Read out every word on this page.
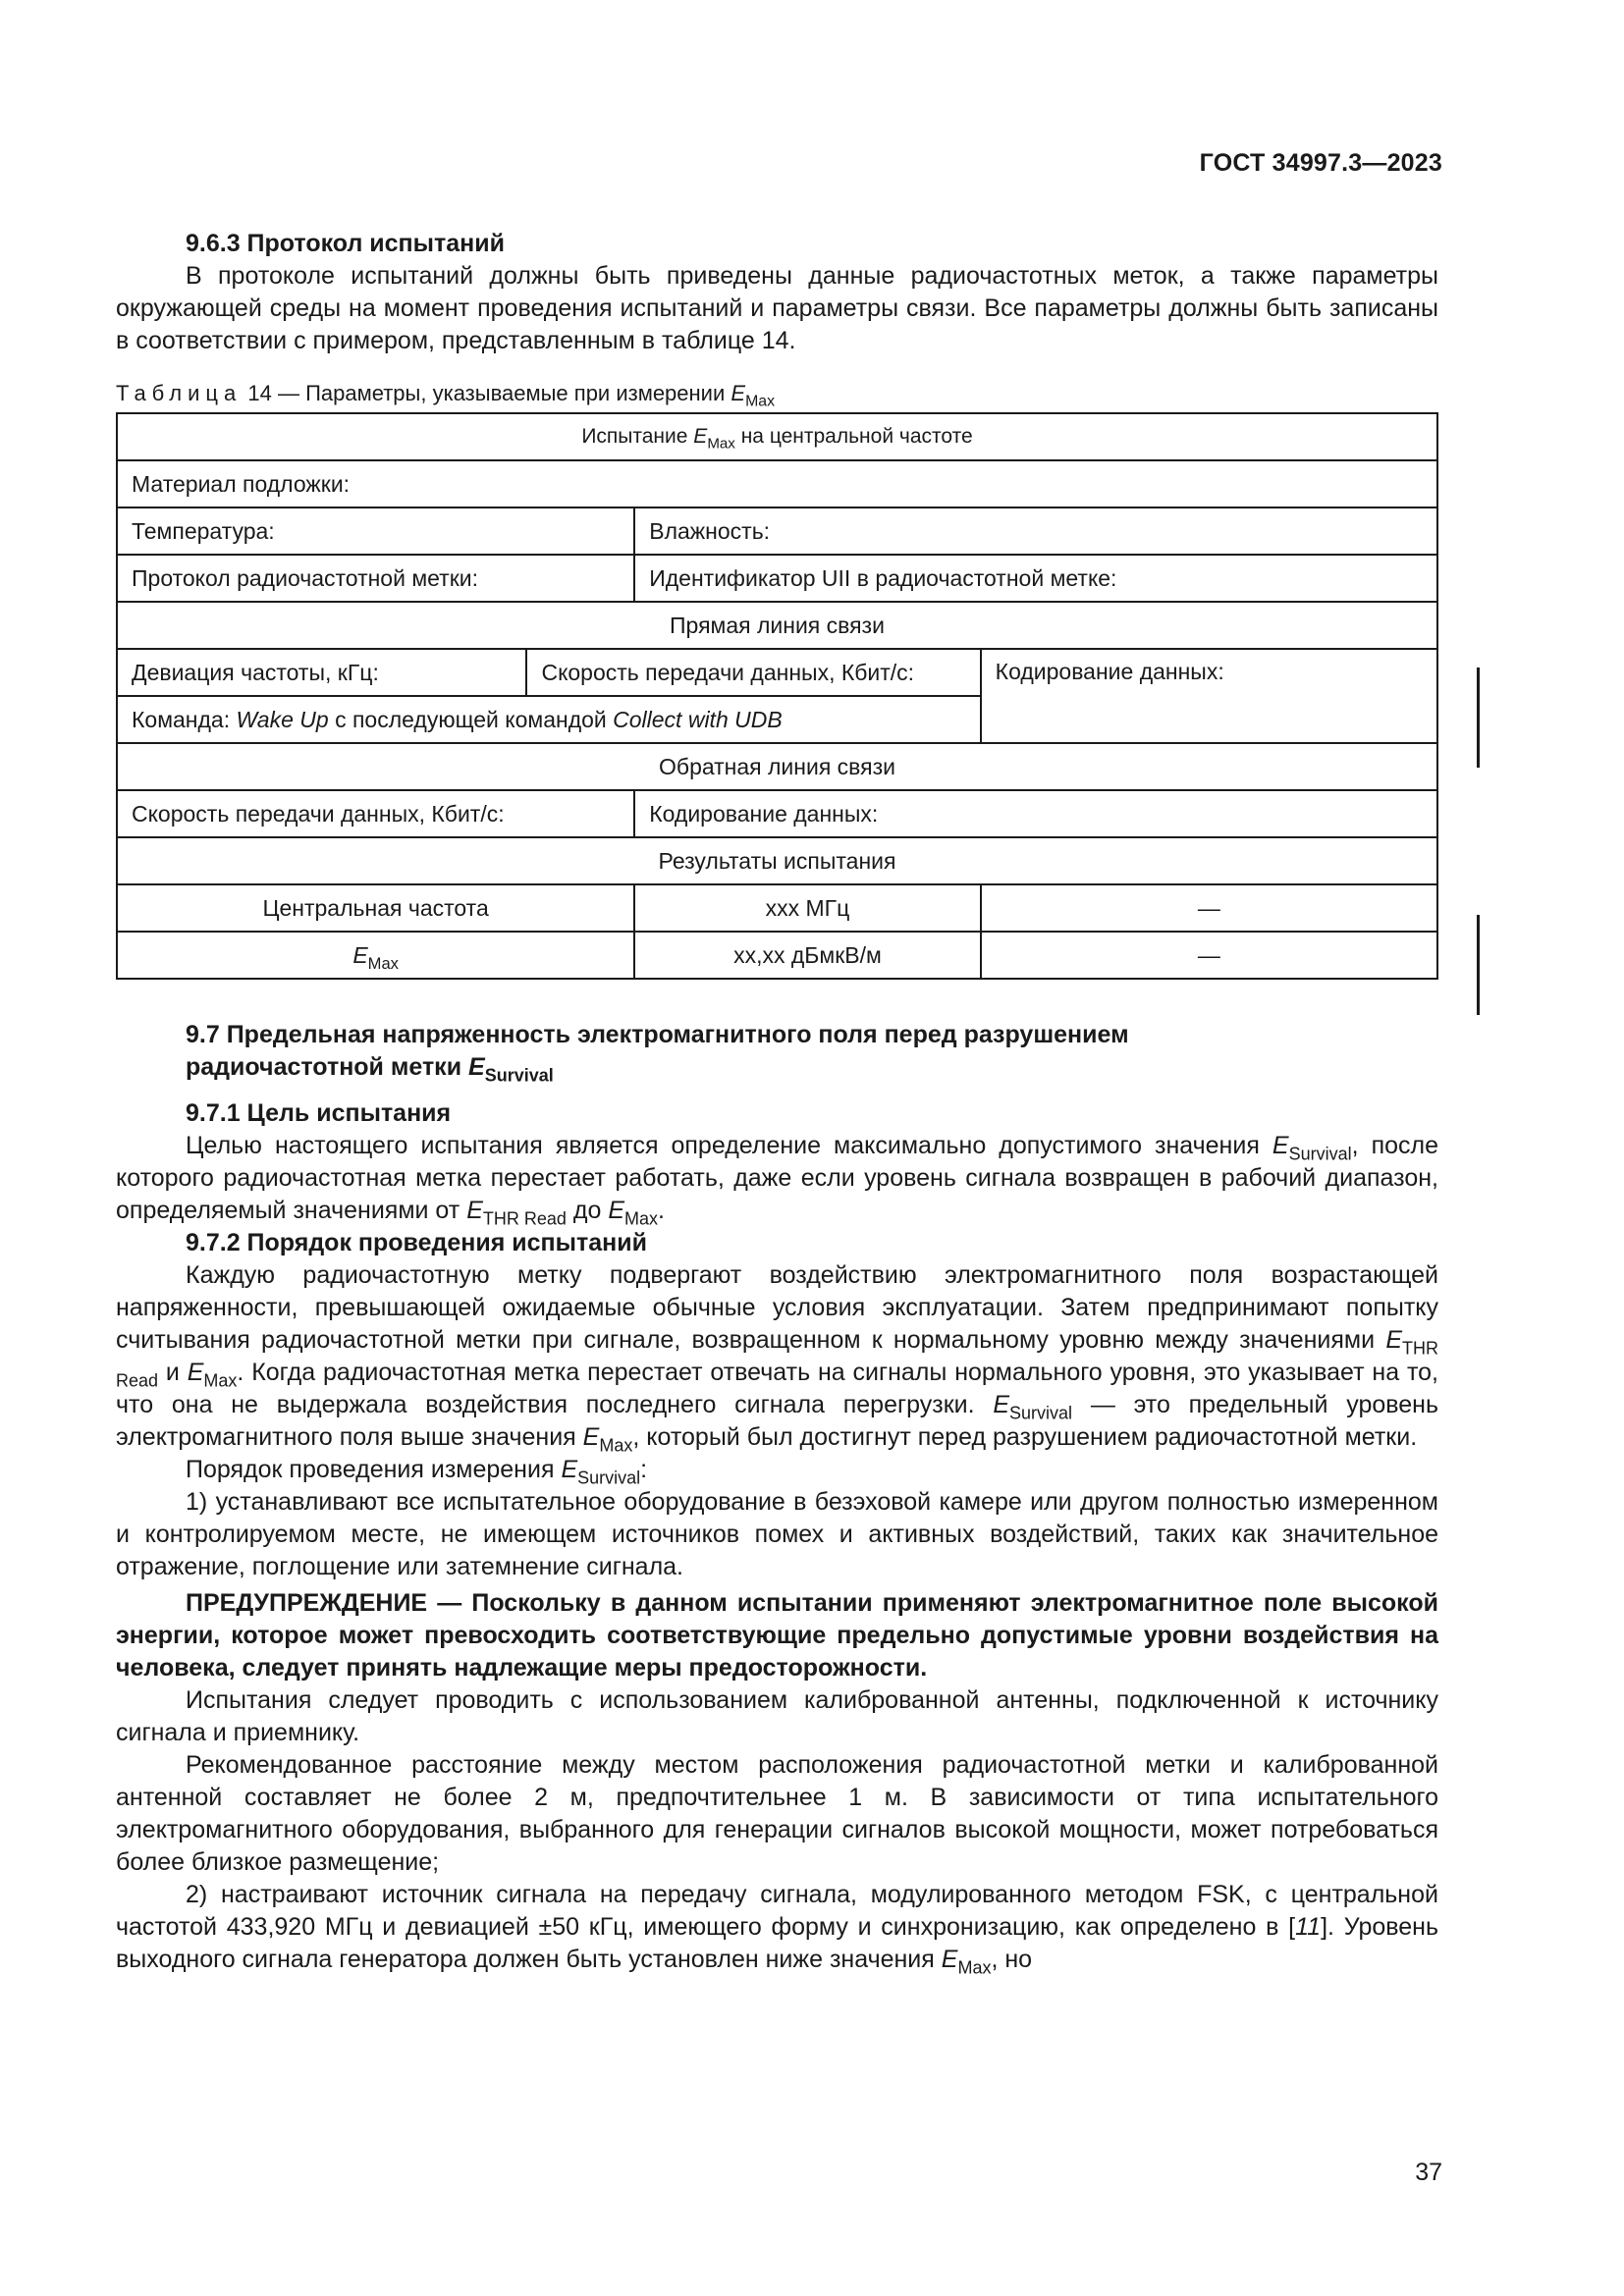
ГОСТ 34997.3—2023

9.6.3 Протокол испытаний

В протоколе испытаний должны быть приведены данные радиочастотных меток, а также параметры окружающей среды на момент проведения испытаний и параметры связи. Все параметры должны быть записаны в соответствии с примером, представленным в таблице 14.

Таблица 14 — Параметры, указываемые при измерении $E_{Max}$
Испытание $E_{Max}$ на центральной частоте			
Материал подложки:			
Температура:		Влажность:	
Протокол радиочастотной метки:		Идентификатор UII в радиочастотной метке:	
Прямая линия связи			
Девиация частоты, кГц:	Скорость передачи данных, Кбит/с:		Кодирование данных:
Команда: Wake Up с последующей командой Collect with UDB			
Обратная линия связи			
Скорость передачи данных, Кбит/с:		Кодирование данных:	
Результаты испытания			
Центральная частота		xxx МГц	—
$E_{Max}$		xx,xx дБмкВ/м	—

9.7 Предельная напряженность электромагнитного поля перед разрушением

радиочастотной метки $E_{Survival}$

9.7.1 Цель испытания

Целью настоящего испытания является определение максимально допустимого значения $E_{Survival}$, после которого радиочастотная метка перестает работать, даже если уровень сигнала возвращен в рабочий диапазон, определяемый значениями от $E_{THR Read}$ до $E_{Max}$.

9.7.2 Порядок проведения испытаний

Каждую радиочастотную метку подвергают воздействию электромагнитного поля возрастающей напряженности, превышающей ожидаемые обычные условия эксплуатации. Затем предпринимают попытку считывания радиочастотной метки при сигнале, возвращенном к нормальному уровню между значениями $E_{THR Read}$ и $E_{Max}$. Когда радиочастотная метка перестает отвечать на сигналы нормального уровня, это указывает на то, что она не выдержала воздействия последнего сигнала перегрузки. $E_{Survival}$ — это предельный уровень электромагнитного поля выше значения $E_{Max}$, который был достигнут перед разрушением радиочастотной метки.

Порядок проведения измерения $E_{Survival}$:

1) устанавливают все испытательное оборудование в безэховой камере или другом полностью измеренном и контролируемом месте, не имеющем источников помех и активных воздействий, таких как значительное отражение, поглощение или затемнение сигнала.

ПРЕДУПРЕЖДЕНИЕ — Поскольку в данном испытании применяют электромагнитное поле высокой энергии, которое может превосходить соответствующие предельно допустимые уровни воздействия на человека, следует принять надлежащие меры предосторожности.

Испытания следует проводить с использованием калиброванной антенны, подключенной к источнику сигнала и приемнику.

Рекомендованное расстояние между местом расположения радиочастотной метки и калиброванной антенной составляет не более 2 м, предпочтительнее 1 м. В зависимости от типа испытательного электромагнитного оборудования, выбранного для генерации сигналов высокой мощности, может потребоваться более близкое размещение;

2) настраивают источник сигнала на передачу сигнала, модулированного методом FSK, с центральной частотой 433,920 МГц и девиацией ±50 кГц, имеющего форму и синхронизацию, как определено в [11]. Уровень выходного сигнала генератора должен быть установлен ниже значения $E_{Max}$, но

37
